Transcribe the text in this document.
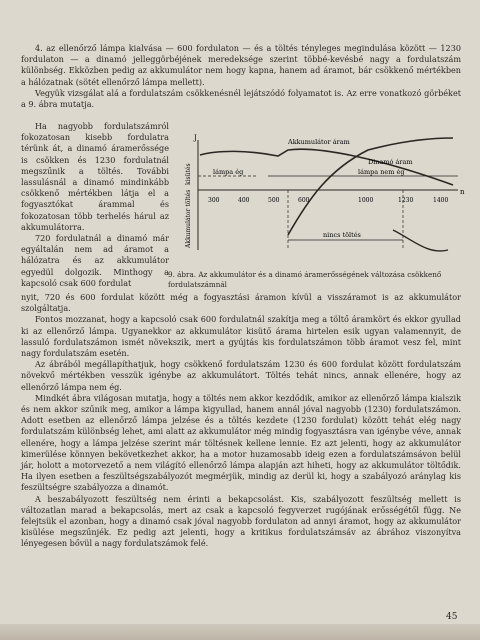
4. az ellenőrző lámpa kialvása — 600 fordulaton — és a töltés tényleges megindulása között — 1230 fordulaton — a dinamó jelleggörbéjének meredeksége szerint többé-kevésbé nagy a fordulatszám különbség. Ekközben pedig az akkumulátor nem hogy kapna, hanem ad áramot, bár csökkenő mértékben a hálózatnak (sötét ellenőrző lámpa mellett).

Vegyük vizsgálat alá a fordulatszám csökkenésnél lejátszódó folyamatot is. Az erre vonatkozó görbéket a 9. ábra mutatja.

Ha nagyobb fordulatszámról fokozatosan kisebb fordulatra térünk át, a dinamó áramerőssége is csökken és 1230 fordulatnál megszűnik a töltés. További lassulásnál a dinamó mindinkább csökkenő mértékben látja el a fogyasztókat árammal és fokozatosan több terhelés hárul az akkumulátorra.

720 fordulatnál a dinamó már egyáltalán nem ad áramot a hálózatra és az akkumulátor egyedül dolgozik. Minthogy a kapcsoló csak 600 fordulat

J
n
Akkumulátor áram
Dinamó áram
lámpa ég	lámpa nem ég
300	400	500	600	1000	1230	1400
nincs töltés
kisütés
Akkumulátor töltés
9. ábra. Az akkumulátor és a dinamó áramerősségének változása csökkenő fordulatszámnál

nyit, 720 és 600 fordulat között még a fogyasztási áramon kívül a visszáramot is az akkumulátor szolgáltatja.

Fontos mozzanat, hogy a kapcsoló csak 600 fordulatnál szakítja meg a töltő áramkört és ekkor gyullad ki az ellenőrző lámpa. Ugyanekkor az akkumulátor kisütő árama hirtelen esik ugyan valamennyit, de lassuló fordulatszámon ismét növekszik, mert a gyújtás kis fordulatszámon több áramot vesz fel, mint nagy fordulatszám esetén.

Az ábrából megállapíthatjuk, hogy csökkenő fordulatszám 1230 és 600 fordulat között fordulatszám növekvő mértékben vesszük igénybe az akkumulátort. Töltés tehát nincs, annak ellenére, hogy az ellenőrző lámpa nem ég.

Mindkét ábra világosan mutatja, hogy a töltés nem akkor kezdődik, amikor az ellenőrző lámpa kialszik és nem akkor szűnik meg, amikor a lámpa kigyullad, hanem annál jóval nagyobb (1230) fordulatszámon. Adott esetben az ellenőrző lámpa jelzése és a töltés kezdete (1230 fordulat) között tehát elég nagy fordulatszám különbség lehet, ami alatt az akkumulátor még mindig fogyasztásra van igénybe véve, annak ellenére, hogy a lámpa jelzése szerint már töltésnek kellene lennie. Ez azt jelenti, hogy az akkumulátor kimerülése könnyen bekövetkezhet akkor, ha a motor huzamosabb ideig ezen a fordulatszámsávon belül jár, holott a motorvezető a nem világító ellenőrző lámpa alapján azt hiheti, hogy az akkumulátor töltődik. Ha ilyen esetben a feszültségszabályozót megmérjük, mindig az derül ki, hogy a szabályozó aránylag kis feszültségre szabályozza a dinamót.

A beszabályozott feszültség nem érinti a bekapcsolást. Kis, szabályozott feszültség mellett is változatlan marad a bekapcsolás, mert az csak a kapcsoló fegyverzet rugójának erősségétől függ. Ne felejtsük el azonban, hogy a dinamó csak jóval nagyobb fordulaton ad annyi áramot, hogy az akkumulátor kisülése megszűnjék. Ez pedig azt jelenti, hogy a kritikus fordulatszámsáv az ábrához viszonyítva lényegesen bővül a nagy fordulatszámok felé.

45
